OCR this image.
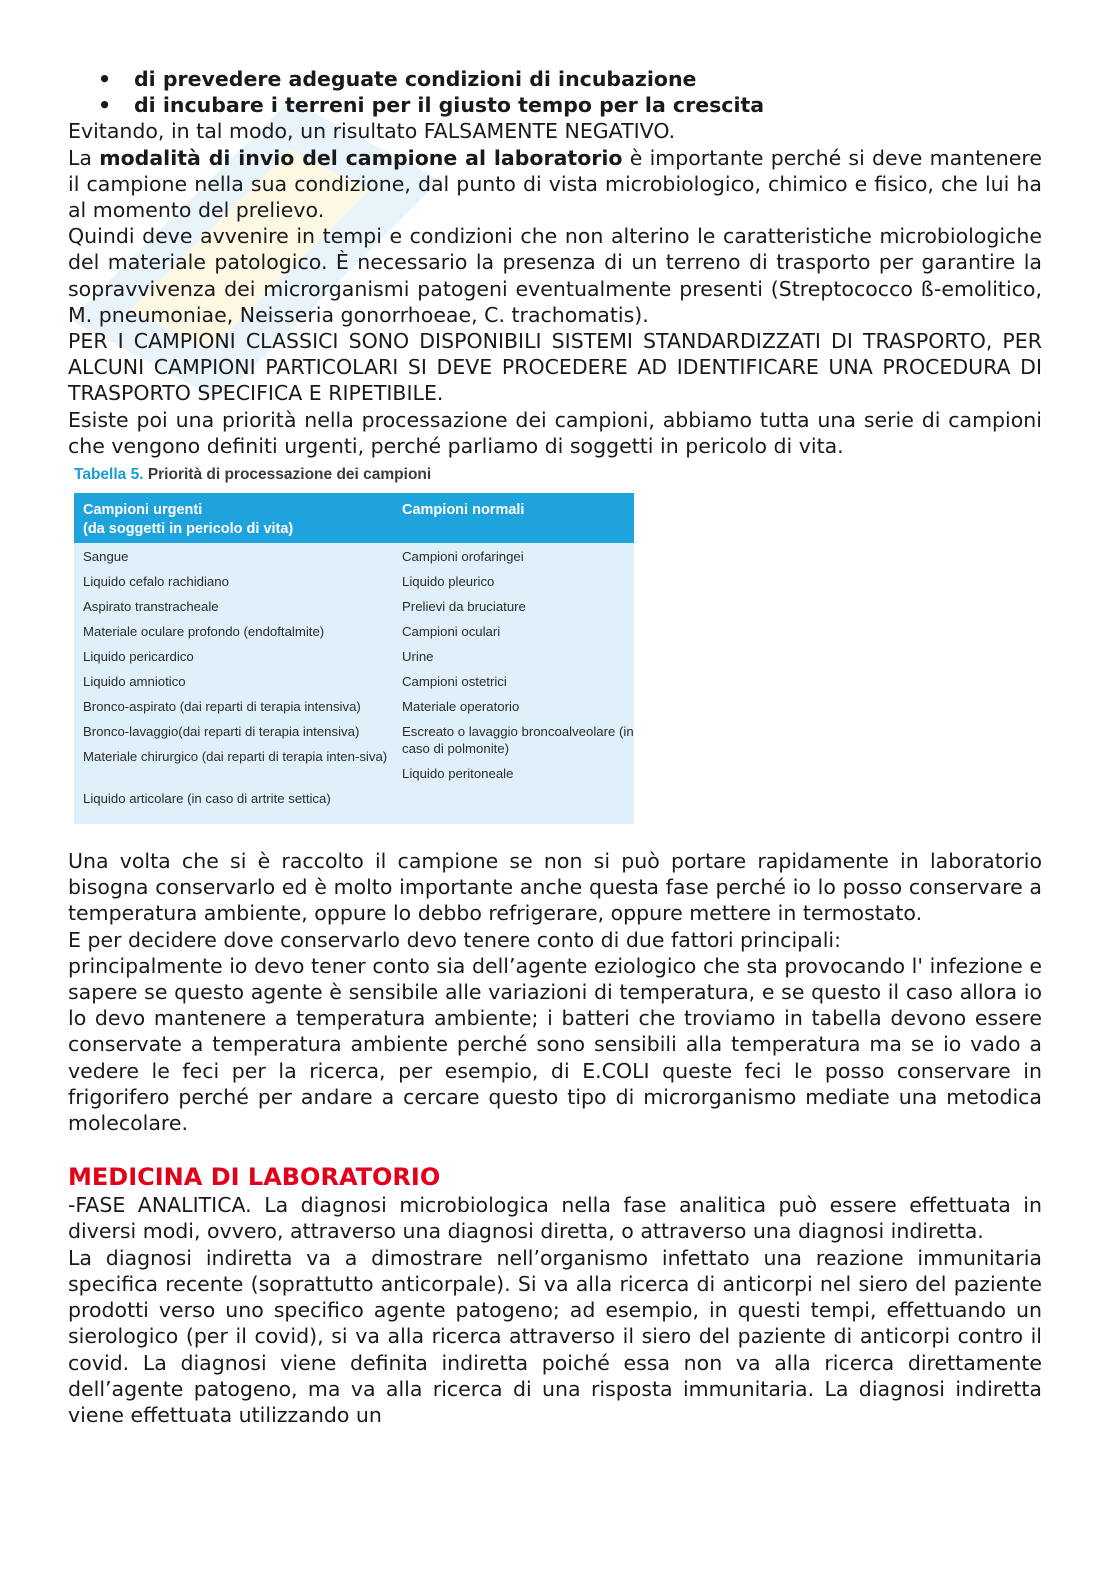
• di prevedere adeguate condizioni di incubazione
• di incubare i terreni per il giusto tempo per la crescita

Evitando, in tal modo, un risultato FALSAMENTE NEGATIVO.

La modalità di invio del campione al laboratorio è importante perché si deve mantenere il campione nella sua condizione, dal punto di vista microbiologico, chimico e fisico, che lui ha al momento del prelievo.

Quindi deve avvenire in tempi e condizioni che non alterino le caratteristiche microbiologiche del materiale patologico. È necessario la presenza di un terreno di trasporto per garantire la sopravvivenza dei microrganismi patogeni eventualmente presenti (Streptococco ß-emolitico, M. pneumoniae, Neisseria gonorrhoeae, C. trachomatis).

PER I CAMPIONI CLASSICI SONO DISPONIBILI SISTEMI STANDARDIZZATI DI TRASPORTO, PER ALCUNI CAMPIONI PARTICOLARI SI DEVE PROCEDERE AD IDENTIFICARE UNA PROCEDURA DI TRASPORTO SPECIFICA E RIPETIBILE.

Esiste poi una priorità nella processazione dei campioni, abbiamo tutta una serie di campioni che vengono definiti urgenti, perché parliamo di soggetti in pericolo di vita.

Tabella 5. Priorità di processazione dei campioni
Campioni urgenti
(da soggetti in pericolo di vita)
Campioni normali
Sangue
Liquido cefalo rachidiano
Aspirato transtracheale
Materiale oculare profondo (endoftalmite)
Liquido pericardico
Liquido amniotico
Bronco-aspirato (dai reparti di terapia intensiva)
Bronco-lavaggio(dai reparti di terapia intensiva)
Materiale chirurgico (dai reparti di terapia inten-siva)
Liquido articolare (in caso di artrite settica)
Campioni orofaringei
Liquido pleurico
Prelievi da bruciature
Campioni oculari
Urine
Campioni ostetrici
Materiale operatorio
Escreato o lavaggio broncoalveolare (in caso di polmonite)
Liquido peritoneale

Una volta che si è raccolto il campione se non si può portare rapidamente in laboratorio bisogna conservarlo ed è molto importante anche questa fase perché io lo posso conservare a temperatura ambiente, oppure lo debbo refrigerare, oppure mettere in termostato.

E per decidere dove conservarlo devo tenere conto di due fattori principali:

principalmente io devo tener conto sia dell’agente eziologico che sta provocando l' infezione e sapere se questo agente è sensibile alle variazioni di temperatura, e se questo il caso allora io lo devo mantenere a temperatura ambiente; i batteri che troviamo in tabella devono essere conservate a temperatura ambiente perché sono sensibili alla temperatura ma se io vado a vedere le feci per la ricerca, per esempio, di E.COLI queste feci le posso conservare in frigorifero perché per andare a cercare questo tipo di microrganismo mediate una metodica molecolare.

MEDICINA DI LABORATORIO

-FASE ANALITICA. La diagnosi microbiologica nella fase analitica può essere effettuata in diversi modi, ovvero, attraverso una diagnosi diretta, o attraverso una diagnosi indiretta.

La diagnosi indiretta va a dimostrare nell’organismo infettato una reazione immunitaria specifica recente (soprattutto anticorpale). Si va alla ricerca di anticorpi nel siero del paziente prodotti verso uno specifico agente patogeno; ad esempio, in questi tempi, effettuando un sierologico (per il covid), si va alla ricerca attraverso il siero del paziente di anticorpi contro il covid. La diagnosi viene definita indiretta poiché essa non va alla ricerca direttamente dell’agente patogeno, ma va alla ricerca di una risposta immunitaria. La diagnosi indiretta viene effettuata utilizzando un
